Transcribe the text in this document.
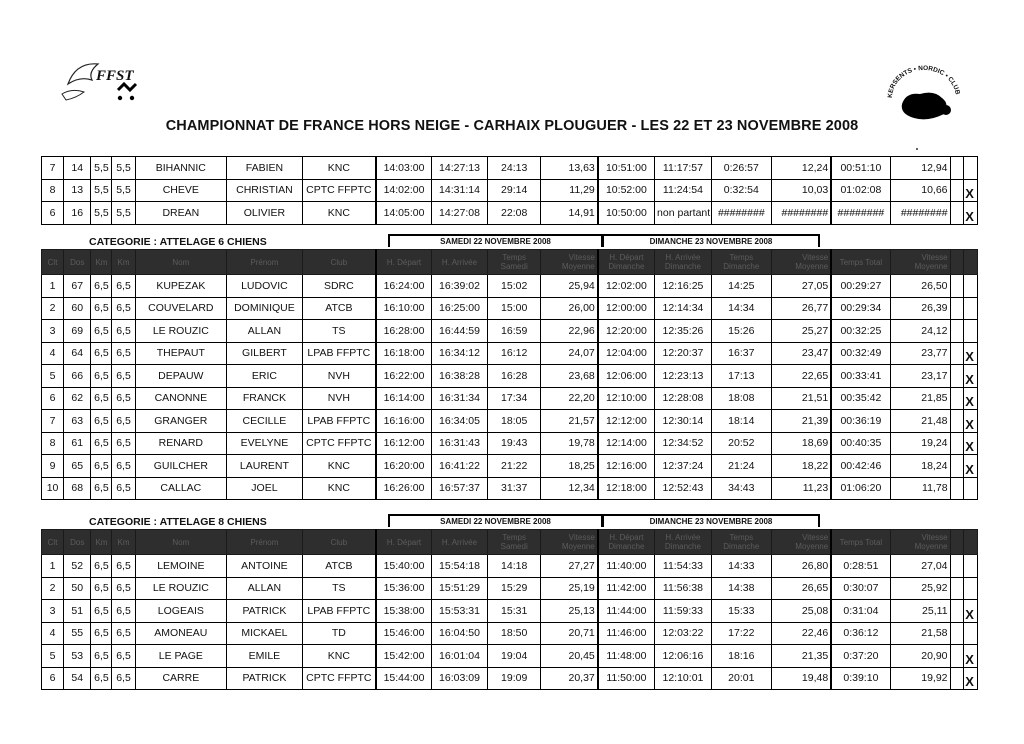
FFST
KERSENTS • NORDIC • CLUB
CHAMPIONNAT DE FRANCE HORS NEIGE - CARHAIX PLOUGUER - LES 22 ET 23 NOVEMBRE 2008
7	14	5,5	5,5	BIHANNIC	FABIEN	KNC	14:03:00	14:27:13	24:13	13,63	10:51:00	11:17:57	0:26:57	12,24	00:51:10	12,94		
8	13	5,5	5,5	CHEVE	CHRISTIAN	CPTC FFPTC	14:02:00	14:31:14	29:14	11,29	10:52:00	11:24:54	0:32:54	10,03	01:02:08	10,66		X
6	16	5,5	5,5	DREAN	OLIVIER	KNC	14:05:00	14:27:08	22:08	14,91	10:50:00	non partant	########	########	########	########		X
CATEGORIE : ATTELAGE 6 CHIENS	SAMEDI 22 NOVEMBRE 2008	DIMANCHE 23 NOVEMBRE 2008
Clt	Dos	Km	Km	Nom	Prénom	Club	H. Départ	H. Arrivée	Temps Samedi	Vitesse Moyenne	H. Départ Dimanche	H. Arrivée Dimanche	Temps Dimanche	Vitesse Moyenne	Temps Total	Vitesse Moyenne		
1	67	6,5	6,5	KUPEZAK	LUDOVIC	SDRC	16:24:00	16:39:02	15:02	25,94	12:02:00	12:16:25	14:25	27,05	00:29:27	26,50		
2	60	6,5	6,5	COUVELARD	DOMINIQUE	ATCB	16:10:00	16:25:00	15:00	26,00	12:00:00	12:14:34	14:34	26,77	00:29:34	26,39		
3	69	6,5	6,5	LE ROUZIC	ALLAN	TS	16:28:00	16:44:59	16:59	22,96	12:20:00	12:35:26	15:26	25,27	00:32:25	24,12		
4	64	6,5	6,5	THEPAUT	GILBERT	LPAB FFPTC	16:18:00	16:34:12	16:12	24,07	12:04:00	12:20:37	16:37	23,47	00:32:49	23,77		X
5	66	6,5	6,5	DEPAUW	ERIC	NVH	16:22:00	16:38:28	16:28	23,68	12:06:00	12:23:13	17:13	22,65	00:33:41	23,17		X
6	62	6,5	6,5	CANONNE	FRANCK	NVH	16:14:00	16:31:34	17:34	22,20	12:10:00	12:28:08	18:08	21,51	00:35:42	21,85		X
7	63	6,5	6,5	GRANGER	CECILLE	LPAB FFPTC	16:16:00	16:34:05	18:05	21,57	12:12:00	12:30:14	18:14	21,39	00:36:19	21,48		X
8	61	6,5	6,5	RENARD	EVELYNE	CPTC FFPTC	16:12:00	16:31:43	19:43	19,78	12:14:00	12:34:52	20:52	18,69	00:40:35	19,24		X
9	65	6,5	6,5	GUILCHER	LAURENT	KNC	16:20:00	16:41:22	21:22	18,25	12:16:00	12:37:24	21:24	18,22	00:42:46	18,24		X
10	68	6,5	6,5	CALLAC	JOEL	KNC	16:26:00	16:57:37	31:37	12,34	12:18:00	12:52:43	34:43	11,23	01:06:20	11,78		
CATEGORIE : ATTELAGE 8 CHIENS	SAMEDI 22 NOVEMBRE 2008	DIMANCHE 23 NOVEMBRE 2008
Clt	Dos	Km	Km	Nom	Prénom	Club	H. Départ	H. Arrivée	Temps Samedi	Vitesse Moyenne	H. Départ Dimanche	H. Arrivée Dimanche	Temps Dimanche	Vitesse Moyenne	Temps Total	Vitesse Moyenne		
1	52	6,5	6,5	LEMOINE	ANTOINE	ATCB	15:40:00	15:54:18	14:18	27,27	11:40:00	11:54:33	14:33	26,80	0:28:51	27,04		
2	50	6,5	6,5	LE ROUZIC	ALLAN	TS	15:36:00	15:51:29	15:29	25,19	11:42:00	11:56:38	14:38	26,65	0:30:07	25,92		
3	51	6,5	6,5	LOGEAIS	PATRICK	LPAB FFPTC	15:38:00	15:53:31	15:31	25,13	11:44:00	11:59:33	15:33	25,08	0:31:04	25,11		X
4	55	6,5	6,5	AMONEAU	MICKAEL	TD	15:46:00	16:04:50	18:50	20,71	11:46:00	12:03:22	17:22	22,46	0:36:12	21,58		
5	53	6,5	6,5	LE PAGE	EMILE	KNC	15:42:00	16:01:04	19:04	20,45	11:48:00	12:06:16	18:16	21,35	0:37:20	20,90		X
6	54	6,5	6,5	CARRE	PATRICK	CPTC FFPTC	15:44:00	16:03:09	19:09	20,37	11:50:00	12:10:01	20:01	19,48	0:39:10	19,92		X
